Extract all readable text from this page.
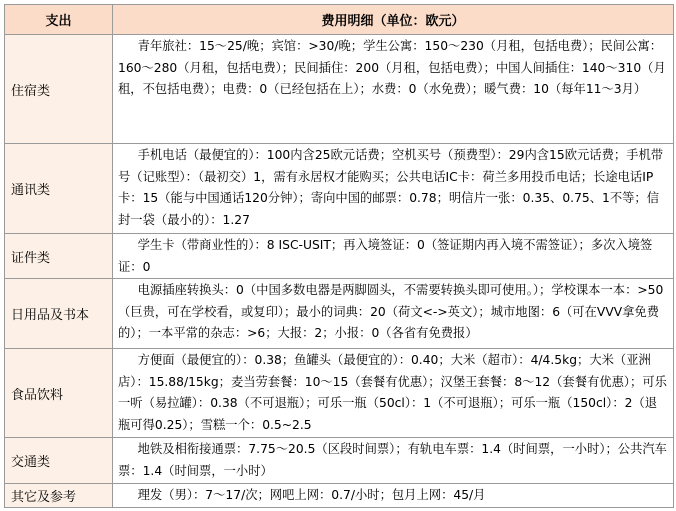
支出	费用明细（单位：欧元）
住宿类	青年旅社：15～25/晚；宾馆：>30/晚；学生公寓：150～230（月租，包括电费）；民间公寓：160～280（月租，包括电费）；民间插住：200（月租，包括电费）；中国人间插住：140～310（月租，不包括电费）；电费：0（已经包括在上）；水费：0（水免费）；暖气费：10（每年11～3月）
通讯类	手机电话（最便宜的）：100内含25欧元话费；空机买号（预费型）：29内含15欧元话费；手机带号（记账型）：（最初交）1，需有永居权才能购买；公共电话IC卡：荷兰多用投币电话；长途电话IP卡：15（能与中国通话120分钟）；寄向中国的邮票：0.78；明信片一张：0.35、0.75、1不等；信封一袋（最小的）：1.27
证件类	学生卡（带商业性的）：8 ISC-USIT；再入境签证：0（签证期内再入境不需签证）；多次入境签证：0
日用品及书本	电源插座转换头：0（中国多数电器是两脚圆头，不需要转换头即可使用。）；学校课本一本：>50（巨贵，可在学校看，或复印）；最小的词典：20（荷文<->英文）；城市地图：6（可在VVV拿免费的）；一本平常的杂志：>6；大报：2；小报：0（各省有免费报）
食品饮料	方便面（最便宜的）：0.38；鱼罐头（最便宜的）：0.40；大米（超市）：4/4.5kg；大米（亚洲店）：15.88/15kg；麦当劳套餐：10～15（套餐有优惠）；汉堡王套餐：8～12（套餐有优惠）；可乐一听（易拉罐）：0.38（不可退瓶）；可乐一瓶（50cl）：1（不可退瓶）；可乐一瓶（150cl）：2（退瓶可得0.25）；雪糕一个：0.5~2.5
交通类	地铁及相衔接通票：7.75～20.5（区段时间票）；有轨电车票：1.4（时间票，一小时）；公共汽车票：1.4（时间票，一小时）
其它及参考	理发（男）：7～17/次；网吧上网：0.7/小时；包月上网：45/月
